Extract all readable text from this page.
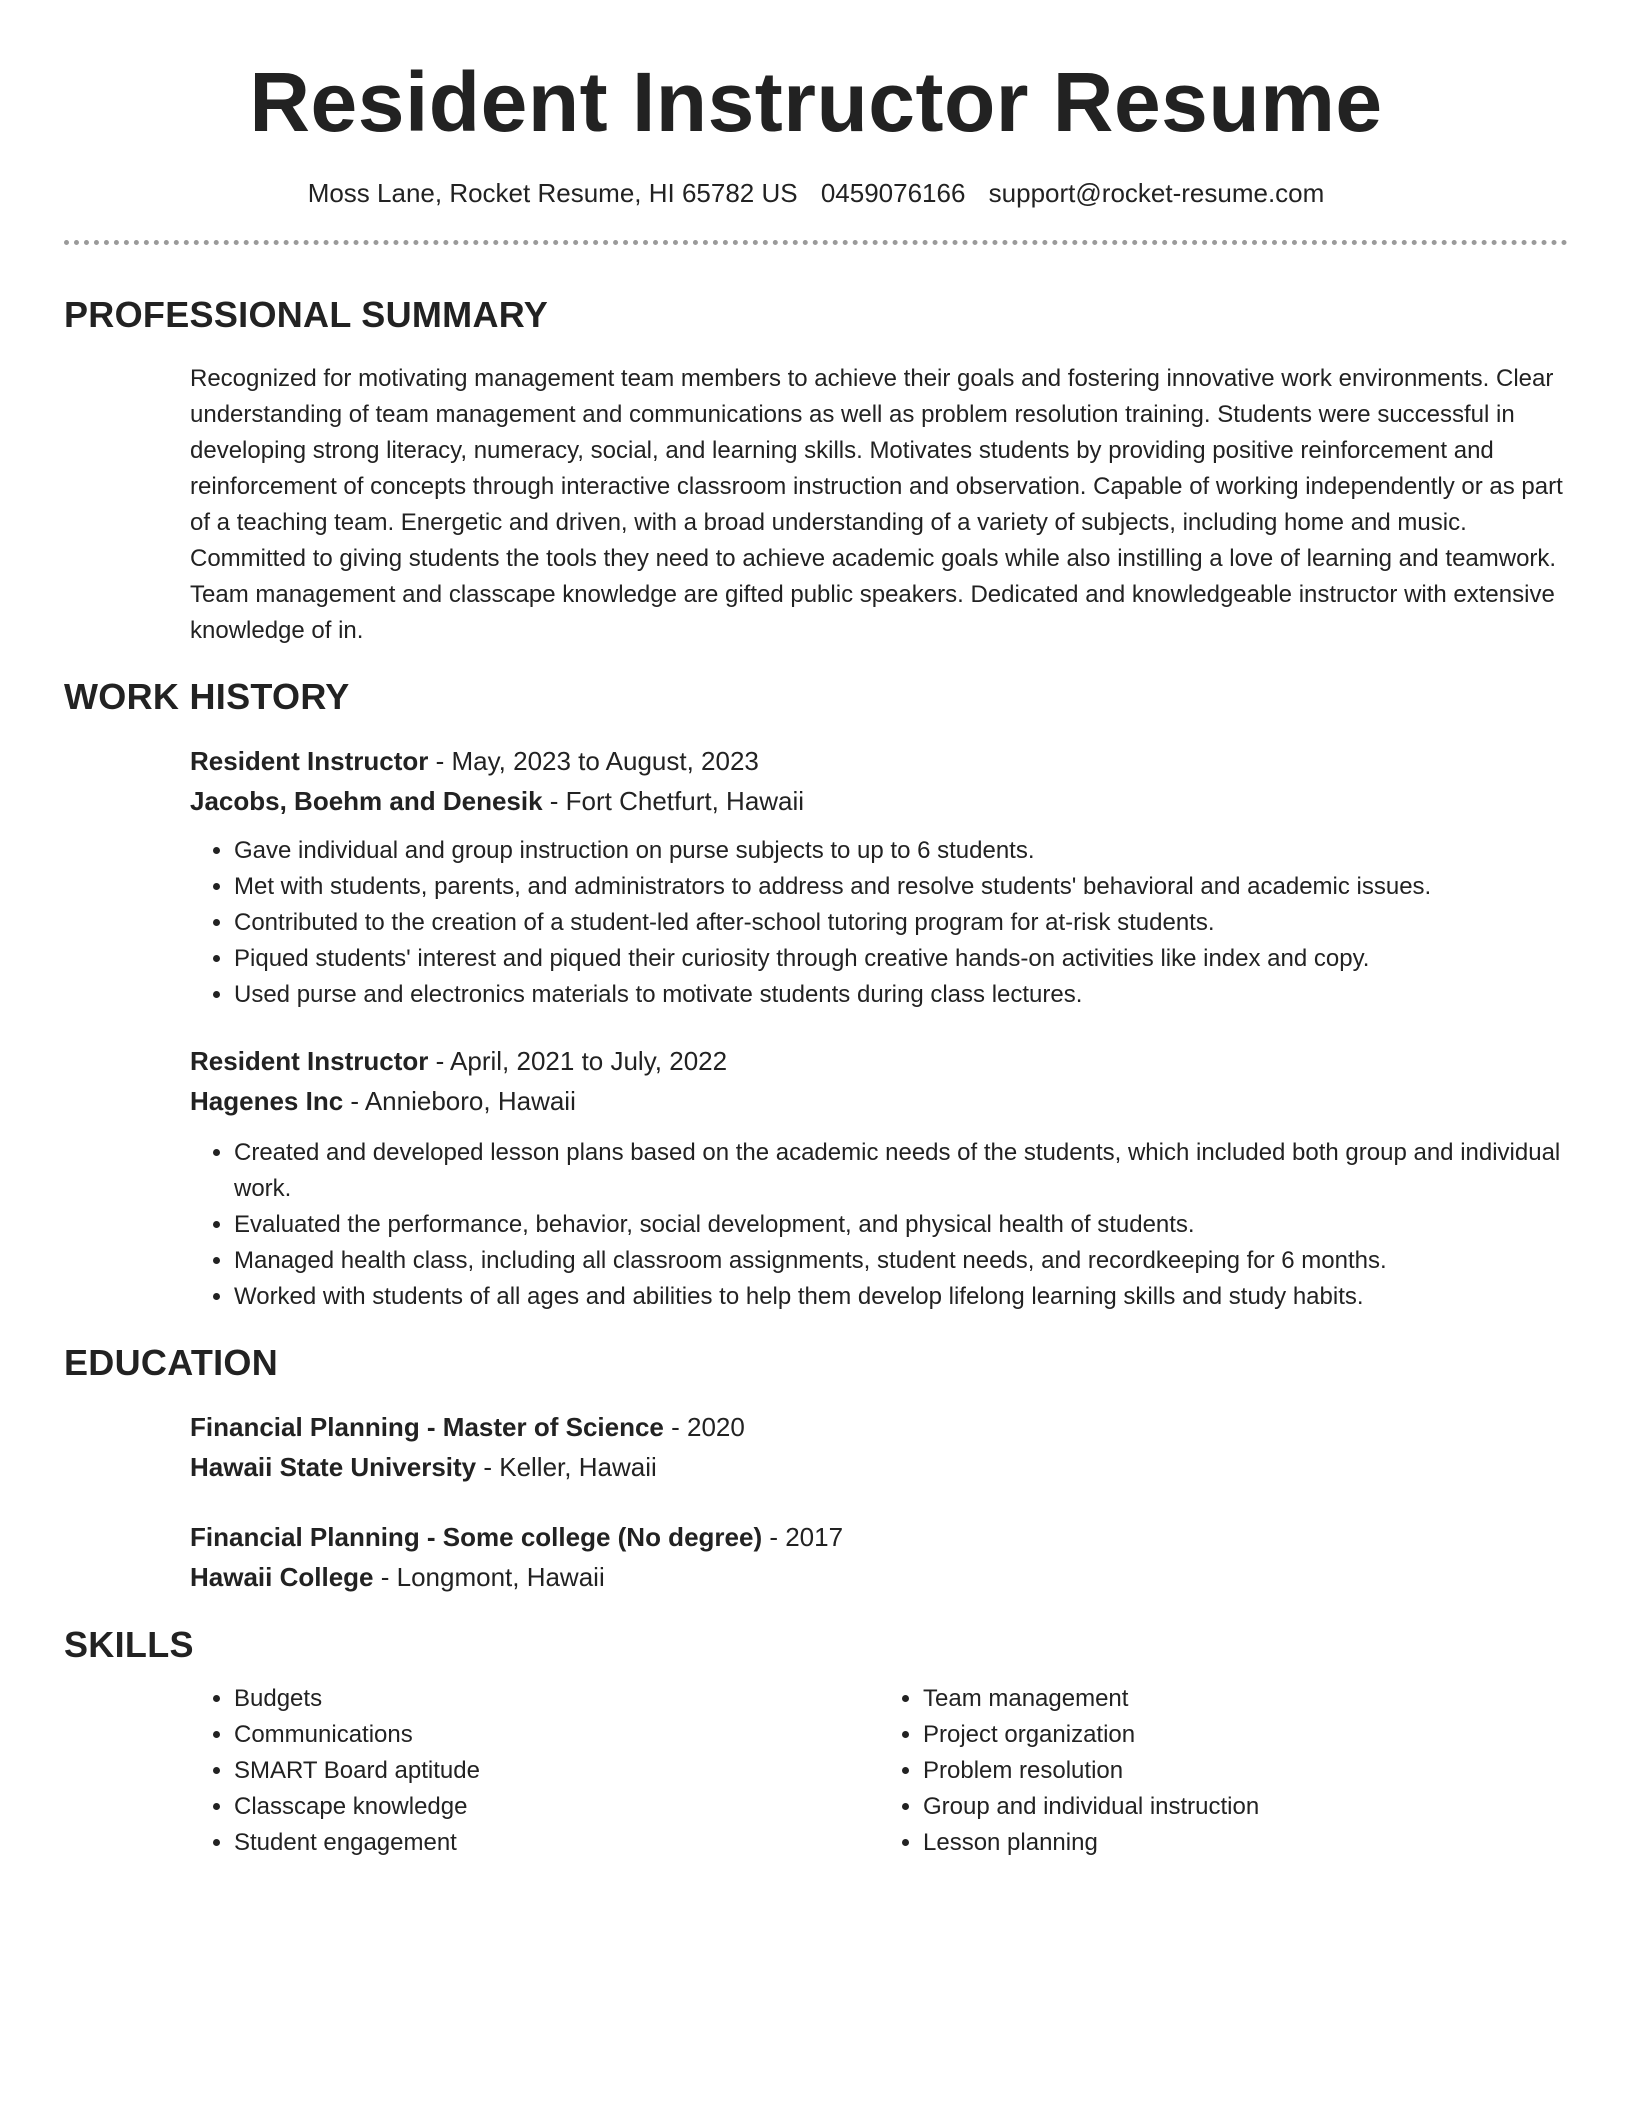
Resident Instructor Resume
Moss Lane, Rocket Resume, HI 65782 US 0459076166 support@rocket-resume.com
PROFESSIONAL SUMMARY
Recognized for motivating management team members to achieve their goals and fostering innovative work environments. Clear understanding of team management and communications as well as problem resolution training. Students were successful in developing strong literacy, numeracy, social, and learning skills. Motivates students by providing positive reinforcement and reinforcement of concepts through interactive classroom instruction and observation. Capable of working independently or as part of a teaching team. Energetic and driven, with a broad understanding of a variety of subjects, including home and music. Committed to giving students the tools they need to achieve academic goals while also instilling a love of learning and teamwork. Team management and classcape knowledge are gifted public speakers. Dedicated and knowledgeable instructor with extensive knowledge of in.
WORK HISTORY
Resident Instructor - May, 2023 to August, 2023
Jacobs, Boehm and Denesik - Fort Chetfurt, Hawaii
• Gave individual and group instruction on purse subjects to up to 6 students.
• Met with students, parents, and administrators to address and resolve students' behavioral and academic issues.
• Contributed to the creation of a student-led after-school tutoring program for at-risk students.
• Piqued students' interest and piqued their curiosity through creative hands-on activities like index and copy.
• Used purse and electronics materials to motivate students during class lectures.
Resident Instructor - April, 2021 to July, 2022
Hagenes Inc - Annieboro, Hawaii
• Created and developed lesson plans based on the academic needs of the students, which included both group and individual work.
• Evaluated the performance, behavior, social development, and physical health of students.
• Managed health class, including all classroom assignments, student needs, and recordkeeping for 6 months.
• Worked with students of all ages and abilities to help them develop lifelong learning skills and study habits.
EDUCATION
Financial Planning - Master of Science - 2020
Hawaii State University - Keller, Hawaii
Financial Planning - Some college (No degree) - 2017
Hawaii College - Longmont, Hawaii
SKILLS
• Budgets
• Communications
• SMART Board aptitude
• Classcape knowledge
• Student engagement
• Team management
• Project organization
• Problem resolution
• Group and individual instruction
• Lesson planning
